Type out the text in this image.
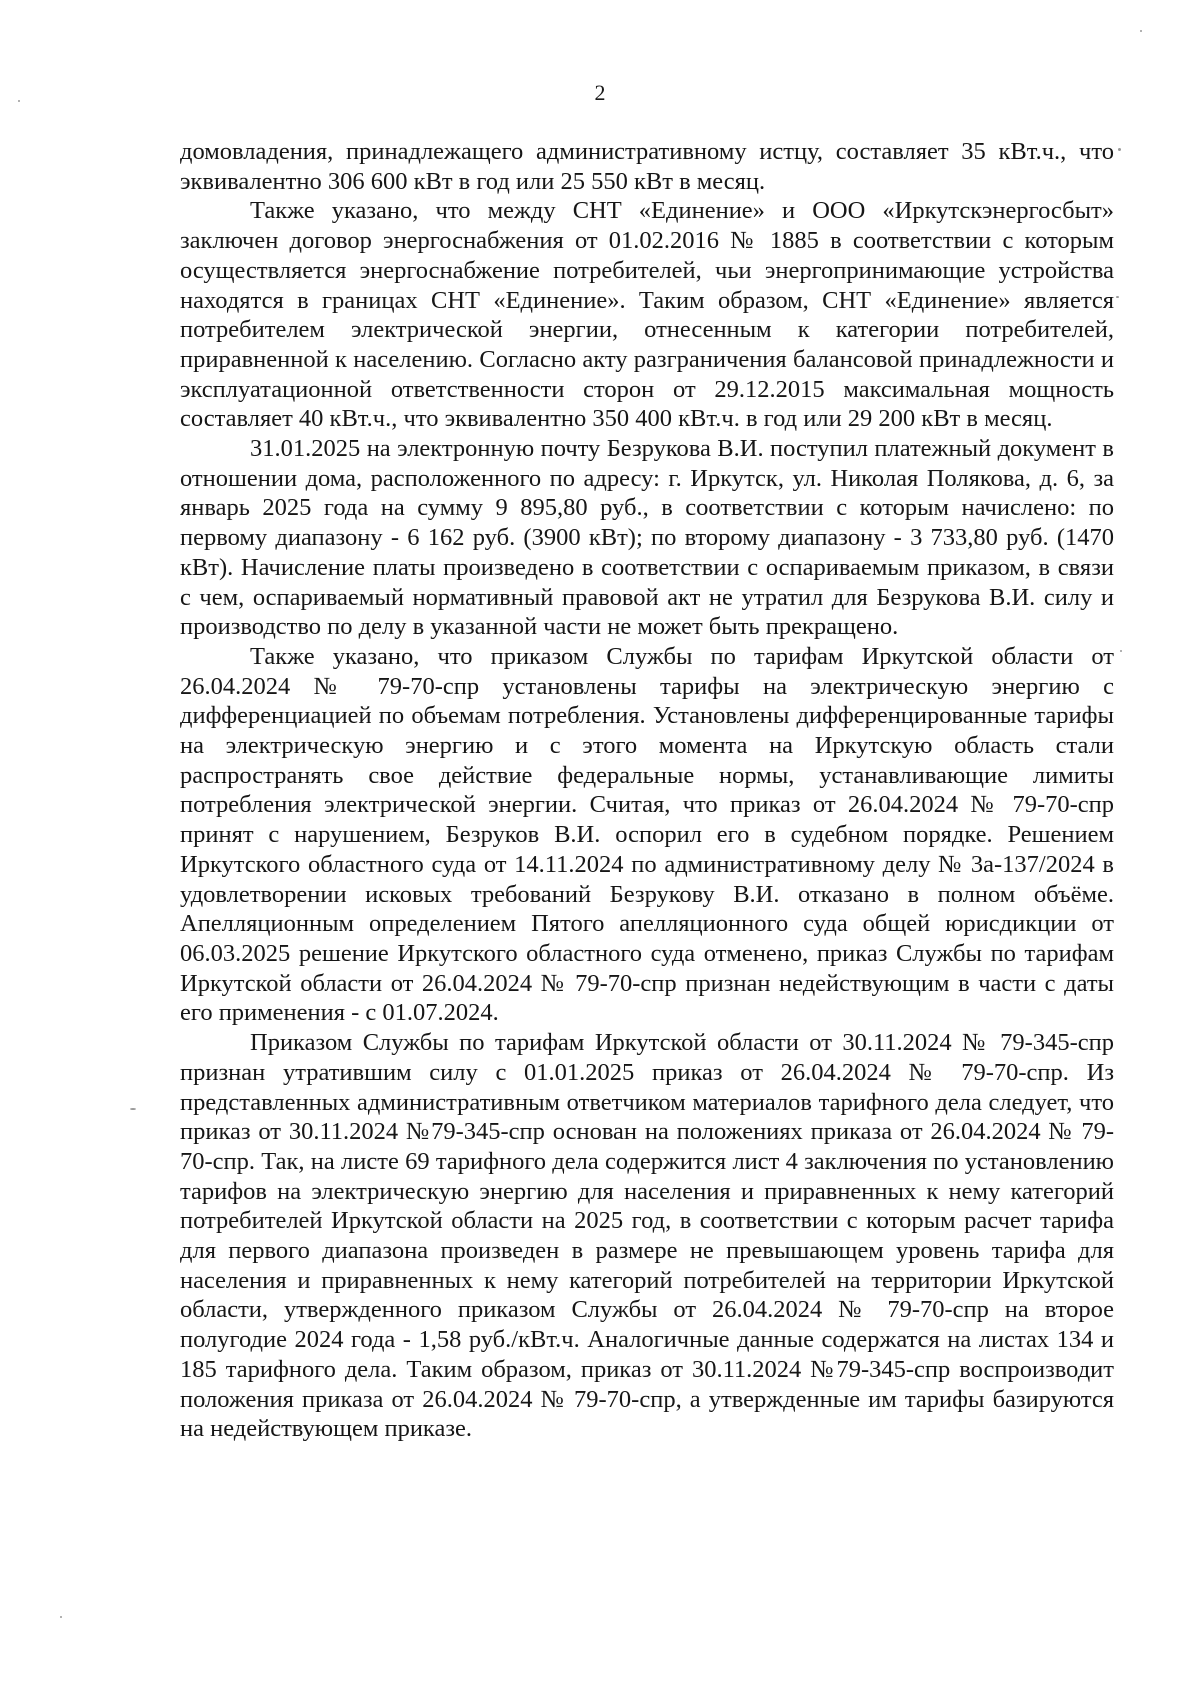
2

домовладения, принадлежащего административному истцу, составляет 35 кВт.ч., что эквивалентно 306 600 кВт в год или 25 550 кВт в месяц.

Также указано, что между СНТ «Единение» и ООО «Иркутскэнергосбыт» заключен договор энергоснабжения от 01.02.2016 № 1885 в соответствии с которым осуществляется энергоснабжение потребителей, чьи энергопринимающие устройства находятся в границах СНТ «Единение». Таким образом, СНТ «Единение» является потребителем электрической энергии, отнесенным к категории потребителей, приравненной к населению. Согласно акту разграничения балансовой принадлежности и эксплуатационной ответственности сторон от 29.12.2015 максимальная мощность составляет 40 кВт.ч., что эквивалентно 350 400 кВт.ч. в год или 29 200 кВт в месяц.

31.01.2025 на электронную почту Безрукова В.И. поступил платежный документ в отношении дома, расположенного по адресу: г. Иркутск, ул. Николая Полякова, д. 6, за январь 2025 года на сумму 9 895,80 руб., в соответствии с которым начислено: по первому диапазону - 6 162 руб. (3900 кВт); по второму диапазону - 3 733,80 руб. (1470 кВт). Начисление платы произведено в соответствии с оспариваемым приказом, в связи с чем, оспариваемый нормативный правовой акт не утратил для Безрукова В.И. силу и производство по делу в указанной части не может быть прекращено.

Также указано, что приказом Службы по тарифам Иркутской области от 26.04.2024 № 79-70-спр установлены тарифы на электрическую энергию с дифференциацией по объемам потребления. Установлены дифференцированные тарифы на электрическую энергию и с этого момента на Иркутскую область стали распространять свое действие федеральные нормы, устанавливающие лимиты потребления электрической энергии. Считая, что приказ от 26.04.2024 № 79-70-спр принят с нарушением, Безруков В.И. оспорил его в судебном порядке. Решением Иркутского областного суда от 14.11.2024 по административному делу № 3а-137/2024 в удовлетворении исковых требований Безрукову В.И. отказано в полном объёме. Апелляционным определением Пятого апелляционного суда общей юрисдикции от 06.03.2025 решение Иркутского областного суда отменено, приказ Службы по тарифам Иркутской области от 26.04.2024 № 79-70-спр признан недействующим в части с даты его применения - с 01.07.2024.

Приказом Службы по тарифам Иркутской области от 30.11.2024 № 79-345-спр признан утратившим силу с 01.01.2025 приказ от 26.04.2024 № 79-70-спр. Из представленных административным ответчиком материалов тарифного дела следует, что приказ от 30.11.2024 №79-345-спр основан на положениях приказа от 26.04.2024 № 79-70-спр. Так, на листе 69 тарифного дела содержится лист 4 заключения по установлению тарифов на электрическую энергию для населения и приравненных к нему категорий потребителей Иркутской области на 2025 год, в соответствии с которым расчет тарифа для первого диапазона произведен в размере не превышающем уровень тарифа для населения и приравненных к нему категорий потребителей на территории Иркутской области, утвержденного приказом Службы от 26.04.2024 № 79-70-спр на второе полугодие 2024 года - 1,58 руб./кВт.ч. Аналогичные данные содержатся на листах 134 и 185 тарифного дела. Таким образом, приказ от 30.11.2024 №79-345-спр воспроизводит положения приказа от 26.04.2024 № 79-70-спр, а утвержденные им тарифы базируются на недействующем приказе.
